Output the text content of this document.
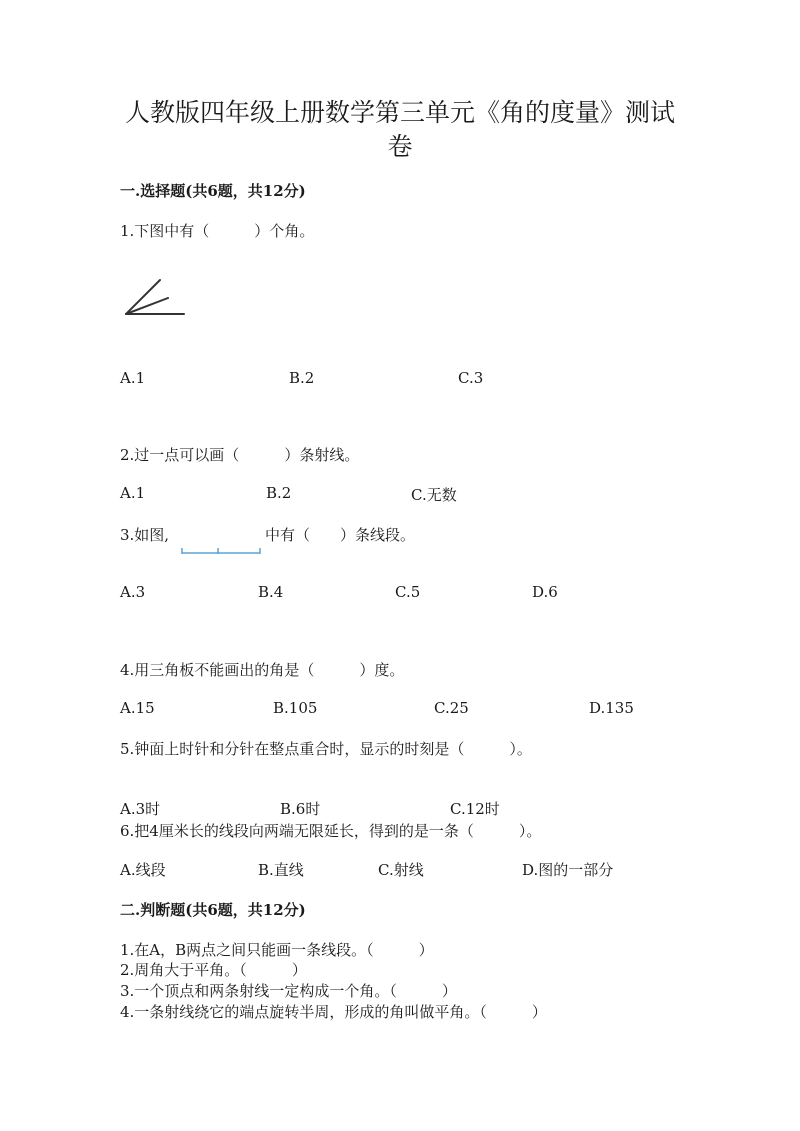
人教版四年级上册数学第三单元《角的度量》测试
卷
一.选择题(共6题，共12分)
1.下图中有（　　　）个角。
A.1	B.2	C.3
2.过一点可以画（　　　）条射线。
A.1	B.2	C.无数
3.如图,	中有（　　）条线段。
A.3	B.4	C.5	D.6
4.用三角板不能画出的角是（　　　）度。
A.15	B.105	C.25	D.135
5.钟面上时针和分针在整点重合时，显示的时刻是（　　　）。
A.3时	B.6时	C.12时
6.把4厘米长的线段向两端无限延长，得到的是一条（　　　）。
A.线段	B.直线	C.射线	D.图的一部分
二.判断题(共6题，共12分)
1.在A，B两点之间只能画一条线段。（　　　）
2.周角大于平角。（　　　）
3.一个顶点和两条射线一定构成一个角。（　　　）
4.一条射线绕它的端点旋转半周，形成的角叫做平角。（　　　）
